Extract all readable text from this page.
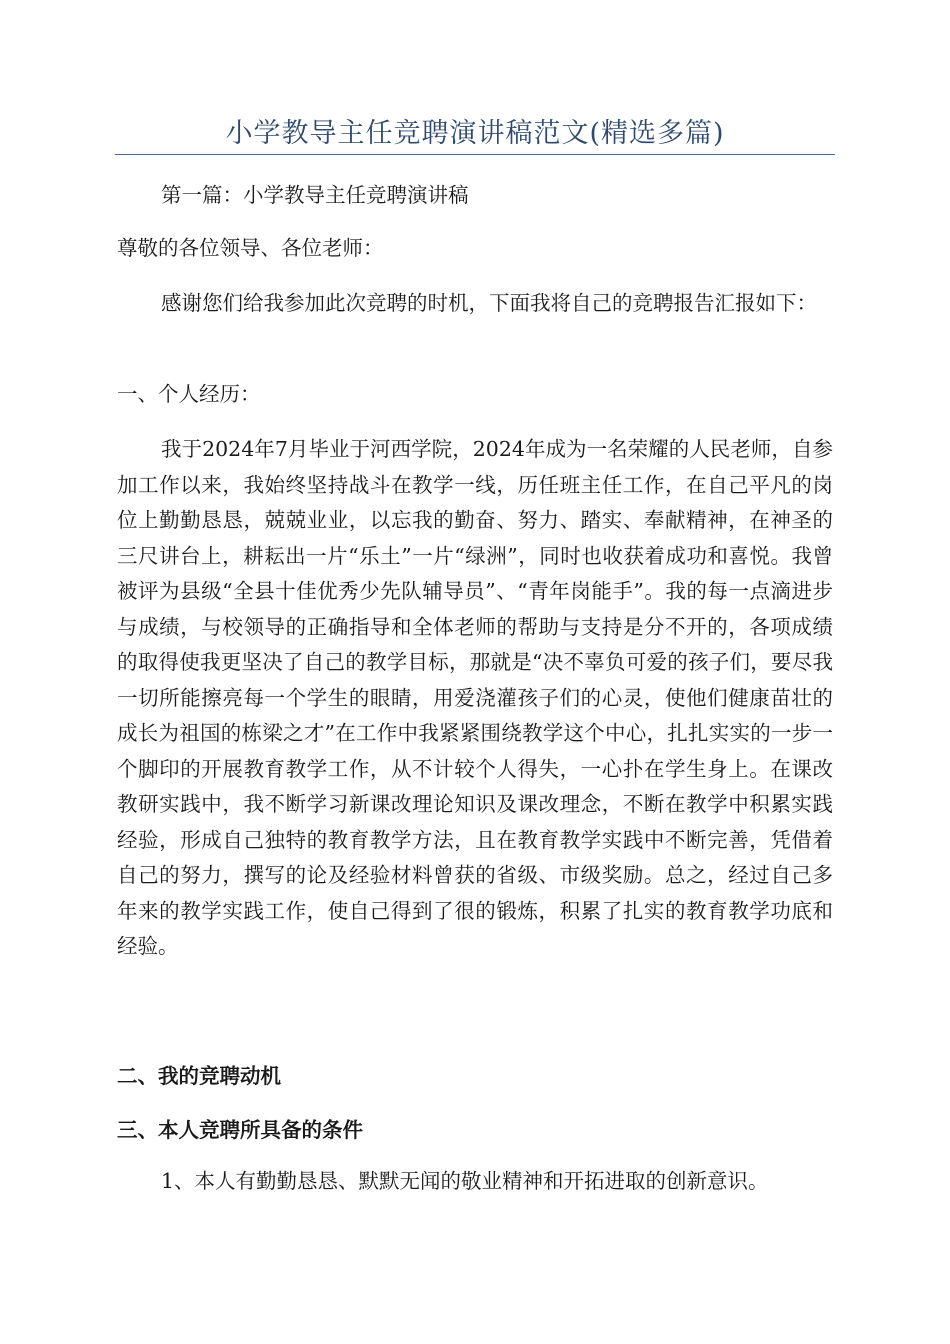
小学教导主任竞聘演讲稿范文(精选多篇)

第一篇：小学教导主任竞聘演讲稿

尊敬的各位领导、各位老师：

感谢您们给我参加此次竞聘的时机，下面我将自己的竞聘报告汇报如下：

一、个人经历：

我于2024年7月毕业于河西学院，2024年成为一名荣耀的人民老师，自参加工作以来，我始终坚持战斗在教学一线，历任班主任工作，在自己平凡的岗位上勤勤恳恳，兢兢业业，以忘我的勤奋、努力、踏实、奉献精神，在神圣的三尺讲台上，耕耘出一片“乐土”一片“绿洲”，同时也收获着成功和喜悦。我曾被评为县级“全县十佳优秀少先队辅导员”、“青年岗能手”。我的每一点滴进步与成绩，与校领导的正确指导和全体老师的帮助与支持是分不开的，各项成绩的取得使我更坚决了自己的教学目标，那就是“决不辜负可爱的孩子们，要尽我一切所能擦亮每一个学生的眼睛，用爱浇灌孩子们的心灵，使他们健康苗壮的成长为祖国的栋梁之才”在工作中我紧紧围绕教学这个中心，扎扎实实的一步一个脚印的开展教育教学工作，从不计较个人得失，一心扑在学生身上。在课改教研实践中，我不断学习新课改理论知识及课改理念，不断在教学中积累实践经验，形成自己独特的教育教学方法，且在教育教学实践中不断完善，凭借着自己的努力，撰写的论及经验材料曾获的省级、市级奖励。总之，经过自己多年来的教学实践工作，使自己得到了很的锻炼，积累了扎实的教育教学功底和经验。

二、我的竞聘动机

三、本人竞聘所具备的条件

1、本人有勤勤恳恳、默默无闻的敬业精神和开拓进取的创新意识。
